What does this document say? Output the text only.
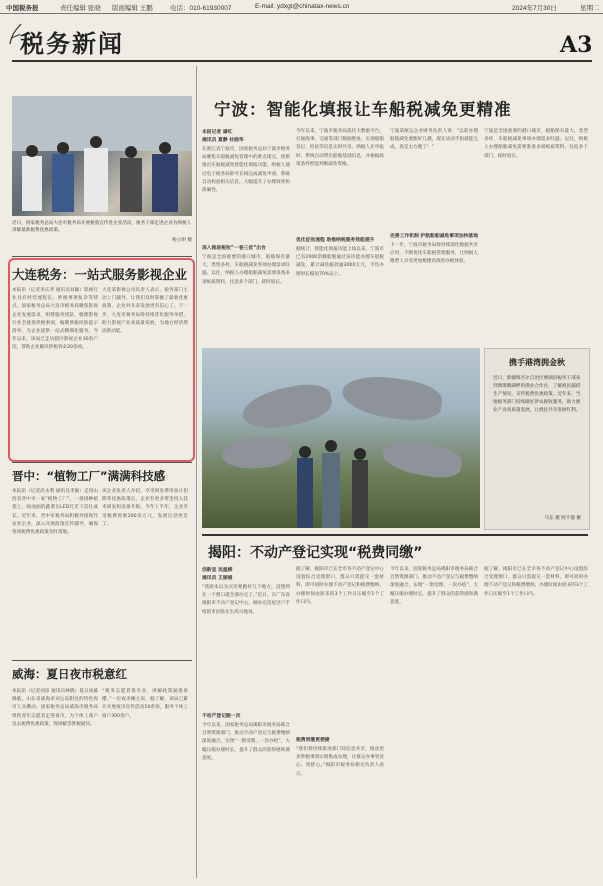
中国税务报	责任编辑 张晓 版面编辑 王鹏	电话：010-61930007	E-mail: ydxgt@chinatax-news.cn	2024年7月30日	星期二
税务新闻	A3
近日，国家税务总局大连市税务局开展税收宣传进企业活动，税务干部走进企业为纳税人讲解最新税费优惠政策。
杨立明 摄
大连税务：一站式服务影视企业
本报讯（记者李庆孝 通讯员刘颖）影视行业具有经营流程长、涉税事项复杂等特点。国家税务总局大连市税务局聚焦影视企业发展需求，组建服务团队，梳理影视行业全链条涉税事项，编制涉税风险提示清单，为企业提供一站式精细化服务。今年以来，该局已走访辖区影视企业30余户次，帮助企业解决涉税诉求20余项。
大连某影视公司负责人表示，税务部门主动上门辅导，让我们及时掌握了最新优惠政策，企业对未来发展更有信心了。下一步，大连市税务局将持续优化服务举措，助力影视产业高质量发展，为地方经济增添新动能。
晋中：“植物工厂”满满科技感
本报讯（记者武永利 通讯员李敏）走进山西省晋中市一家“植物工厂”，一排排种植架上，绿油油的蔬菜在LED灯光下茁壮成长。近年来，晋中市税务局积极对接现代农业企业，深入开展政策宣传辅导，确保各项税费优惠政策及时落地。
该企业负责人介绍，享受研发费用加计扣除等优惠政策后，企业有更多资金投入技术研发和设备升级。今年上半年，企业享受税费优惠200余万元，发展后劲更足了。
威海：夏日夜市税意红
本报讯（记者刘彦 通讯员林晓）夏日夜幕降临，山东省威海市刘公岛附近的特色夜市人头攒动。国家税务总局威海市税务局组织青年志愿者走进夜市，为个体工商户送去税费优惠政策，现场解答涉税疑问。
“税务志愿者很专业，讲解政策通俗易懂。”一位夜市摊主说。据了解，该局已累计开展夜市宣传活动10余场，服务个体工商户300余户。
宁波：智能化填报让车船税减免更精准
本报记者 屠红
通讯员 夏静 杜晓华
在浙江省宁波市，国家税务总局宁波市税务局聚焦车船税减免管理中的难点堵点，创新推出车船税减免智能化填报功能，纳税人通过电子税务局即可在线完成减免申请，系统自动校验相关信息，大幅提升了办理效率和准确性。
深入推进税收“一卷三优”出台
宁波是全国重要的港口城市，船舶保有量大、类型多样，车船税减免事项办理需求旺盛。以往，纳税人办理船舶减免需要准备多项纸质资料，往返多个部门，耗时较长。
今年以来，宁波市税务局依托大数据平台，打通海事、交通等部门数据壁垒，实现船舶登记、检验等信息实时共享。纳税人在申报时，系统自动带出船舶基础信息，并根据政策条件智能判断减免资格。
优化征收流程 助推纳税服务效能提升
据统计，智能化填报功能上线以来，宁波市已有2000余艘船舶通过该功能办理车船税减免，累计减免税款逾3000万元，平均办理时长缩短70%以上。
宁波某航运企业财务负责人说：“以前办理船舶减免要跑好几趟，现在动动手指就能完成，真是太方便了！”
完善工作机制 护航船舶减免事项加快落地
下一步，宁波市税务局将持续深化数据共享应用，不断优化车船税管理服务，让纳税人缴费人享受更加便捷高效的办税体验。
宁波是全国重要的港口城市，船舶保有量大、类型多样，车船税减免事项办理需求旺盛。以往，纳税人办理船舶减免需要准备多项纸质资料，往返多个部门，耗时较长。
携手港湾拥金秋
近日，新疆维吾尔自治区博湖县税务干部来到博斯腾湖畔的渔业合作社，了解渔民捕捞生产情况，宣传税费优惠政策。近年来，当地税务部门持续做好涉农税收服务，助力渔业产业高质量发展，让渔民共享发展红利。
马东 摄 阿不都 摄
揭阳：不动产登记实现“税费同缴”
创新宣 吴温柳
通讯员 王丽娟
“我原本以为买房要跑好几个地方，没想到在一个窗口就全部办完了。”近日，在广东省揭阳市不动产登记中心，刚办完房屋过户手续的市民陈先生高兴地说。
不动产登记跑一次
今年以来，国家税务总局揭阳市税务局联合自然资源部门，推动不动产登记与税费缴纳深度融合，实现“一窗受理、一次办结”，大幅压缩办理时长，提升了群众的获得感和满意度。
据了解，揭阳市已在全市各不动产登记中心设置综合受理窗口，群众只需提交一套材料，即可同时办理不动产登记和税费缴纳，办理时间由原来的3个工作日压缩至1个工作日内。
税费同缴更便捷
“我们将持续推进部门间信息共享，推动更多涉税事项实现集成办理，让群众办事更省心、更舒心。”揭阳市税务局相关负责人表示。
今年以来，国家税务总局揭阳市税务局联合自然资源部门，推动不动产登记与税费缴纳深度融合，实现“一窗受理、一次办结”，大幅压缩办理时长，提升了群众的获得感和满意度。
据了解，揭阳市已在全市各不动产登记中心设置综合受理窗口，群众只需提交一套材料，即可同时办理不动产登记和税费缴纳，办理时间由原来的3个工作日压缩至1个工作日内。
